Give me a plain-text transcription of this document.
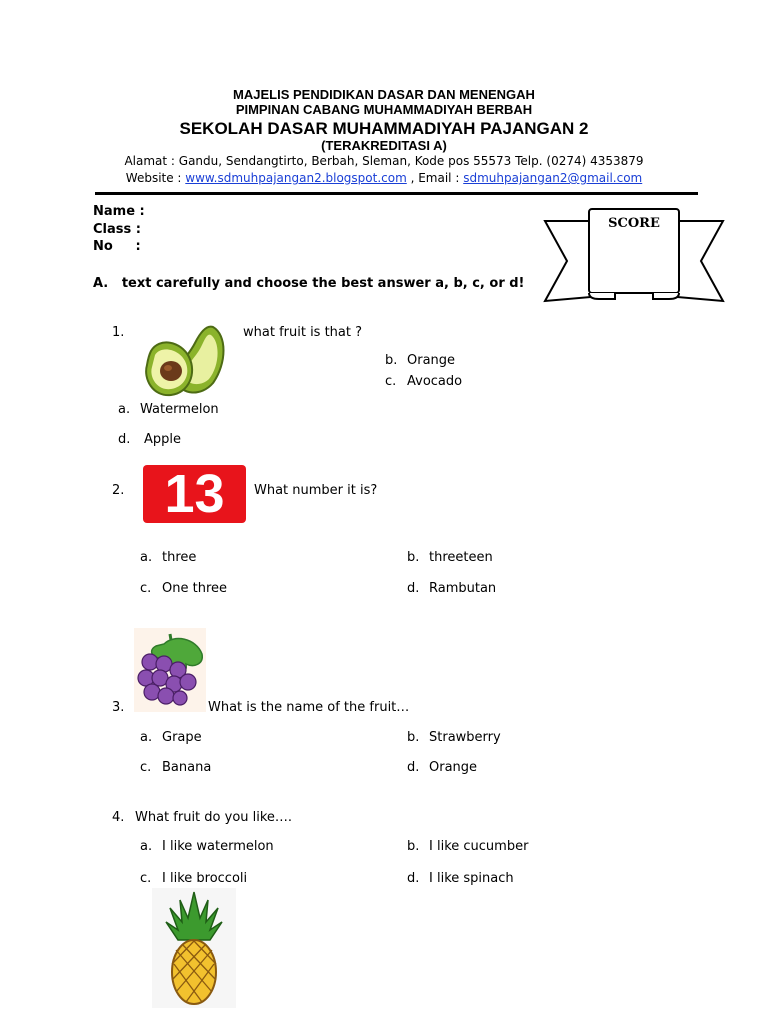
MAJELIS PENDIDIKAN DASAR DAN MENENGAH
PIMPINAN CABANG MUHAMMADIYAH BERBAH
SEKOLAH DASAR MUHAMMADIYAH PAJANGAN 2
(TERAKREDITASI A)
Alamat : Gandu, Sendangtirto, Berbah, Sleman, Kode pos 55573 Telp. (0274) 4353879
Website : www.sdmuhpajangan2.blogspot.com , Email : sdmuhpajangan2@gmail.com
Name :
Class :
No     :
SCORE
A.   text carefully and choose the best answer a, b, c, or d!
1.	what fruit is that ?
b. Orange
c. Avocado
a. Watermelon
d. Apple
2. 13	What number it is?
a. three	b. threeteen
c. One three	d. Rambutan
3.	What is the name of the fruit…
a. Grape	b. Strawberry
c. Banana	d. Orange
4. What fruit do you like….
a. I like watermelon	b. I like cucumber
c. I like broccoli	d. I like spinach
